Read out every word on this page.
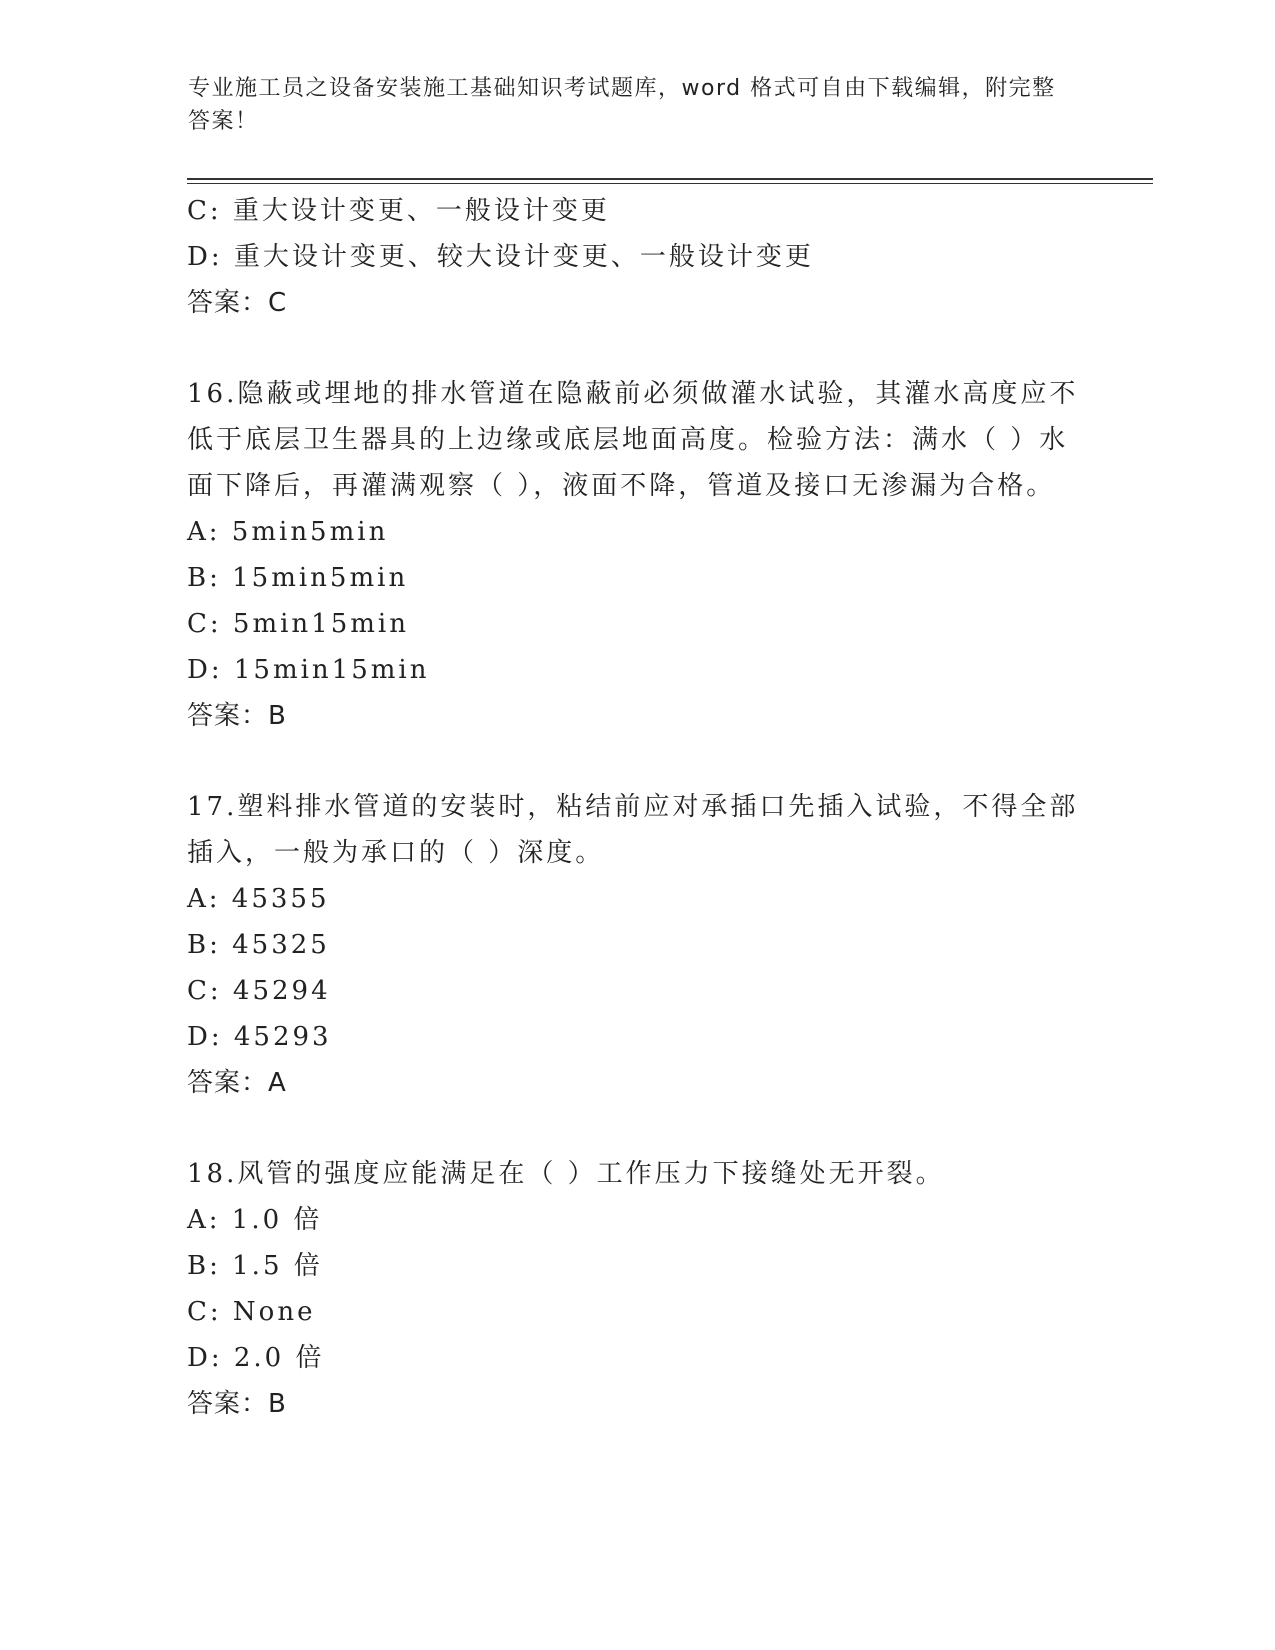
专业施工员之设备安装施工基础知识考试题库，word 格式可自由下载编辑，附完整答案！
C: 重大设计变更、一般设计变更
D: 重大设计变更、较大设计变更、一般设计变更
答案：C
16.隐蔽或埋地的排水管道在隐蔽前必须做灌水试验，其灌水高度应不低于底层卫生器具的上边缘或底层地面高度。检验方法：满水（ ）水面下降后，再灌满观察（ ），液面不降，管道及接口无渗漏为合格。
A: 5min5min
B: 15min5min
C: 5min15min
D: 15min15min
答案：B
17.塑料排水管道的安装时，粘结前应对承插口先插入试验，不得全部插入，一般为承口的（ ）深度。
A: 45355
B: 45325
C: 45294
D: 45293
答案：A
18.风管的强度应能满足在（ ）工作压力下接缝处无开裂。
A: 1.0 倍
B: 1.5 倍
C: None
D: 2.0 倍
答案：B
